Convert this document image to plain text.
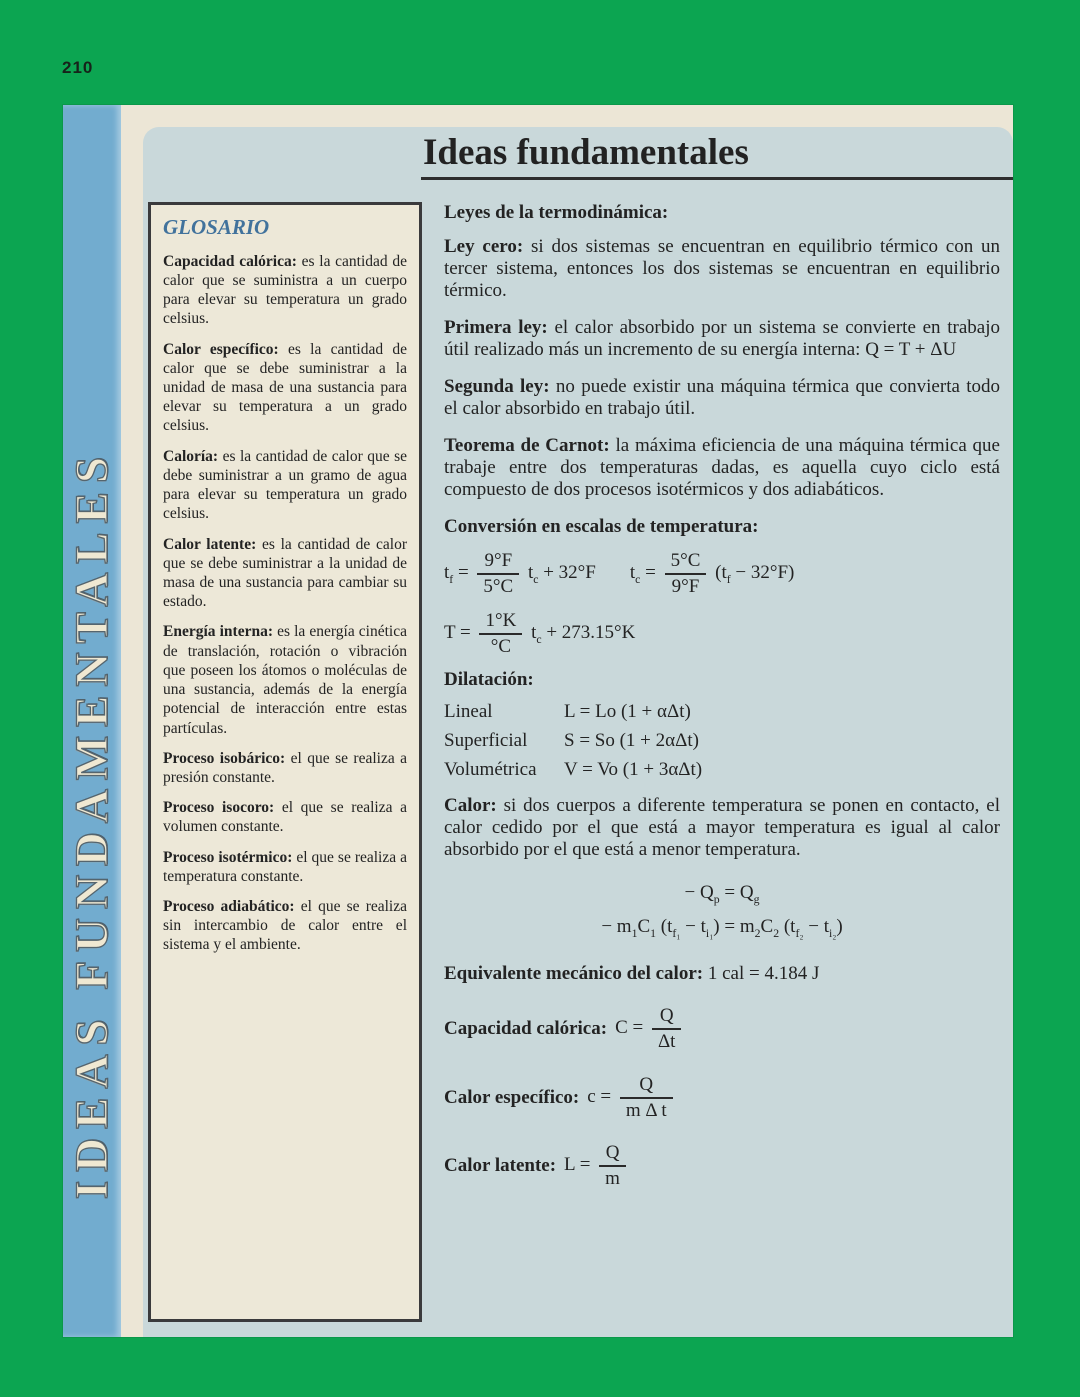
210
IDEAS FUNDAMENTALES
Ideas fundamentales
GLOSARIO

Capacidad calórica: es la cantidad de calor que se suministra a un cuerpo para elevar su temperatura un grado celsius.

Calor específico: es la cantidad de calor que se debe suministrar a la unidad de masa de una sustancia para elevar su temperatura a un grado celsius.

Caloría: es la cantidad de calor que se debe suministrar a un gramo de agua para elevar su temperatura un grado celsius.

Calor latente: es la cantidad de calor que se debe suministrar a la unidad de masa de una sustancia para cambiar su estado.

Energía interna: es la energía cinética de translación, rotación o vibración que poseen los átomos o moléculas de una sustancia, además de la energía potencial de interacción entre estas partículas.

Proceso isobárico: el que se realiza a presión constante.

Proceso isocoro: el que se realiza a volumen constante.

Proceso isotérmico: el que se realiza a temperatura constante.

Proceso adiabático: el que se realiza sin intercambio de calor entre el sistema y el ambiente.

Leyes de la termodinámica:

Ley cero: si dos sistemas se encuentran en equilibrio térmico con un tercer sistema, entonces los dos sistemas se encuentran en equilibrio térmico.

Primera ley: el calor absorbido por un sistema se convierte en trabajo útil realizado más un incremento de su energía interna: Q = T + ΔU

Segunda ley: no puede existir una máquina térmica que convierta todo el calor absorbido en trabajo útil.

Teorema de Carnot: la máxima eficiencia de una máquina térmica que trabaje entre dos temperaturas dadas, es aquella cuyo ciclo está compuesto de dos procesos isotérmicos y dos adiabáticos.

Conversión en escalas de temperatura:

$t_f = \frac{9^\circ F}{5^\circ C} t_c + 32^\circ F$ $t_c = \frac{5^\circ C}{9^\circ F} (t_f - 32^\circ F)$
$T = \frac{1^\circ K}{^\circ C} t_c + 273.15^\circ K$

Dilatación:

Lineal	L = Lo (1 + αΔt)
Superficial	S = So (1 + 2αΔt)
Volumétrica	V = Vo (1 + 3αΔt)

Calor: si dos cuerpos a diferente temperatura se ponen en contacto, el calor cedido por el que está a mayor temperatura es igual al calor absorbido por el que está a menor temperatura.

− $Q_p = Q_g$
− $m_1C_1$ $(t_{f_1} - t_{i_1}) = m_2C_2$ $(t_{f_2} - t_{i_2})$

Equivalente mecánico del calor: 1 cal = 4.184 J

Capacidad calórica: $C = \frac{Q}{\Delta t}$
Calor específico: $c = \frac{Q}{\text{m Δ t}}$
Calor latente: $L = \frac{Q}{m}$
